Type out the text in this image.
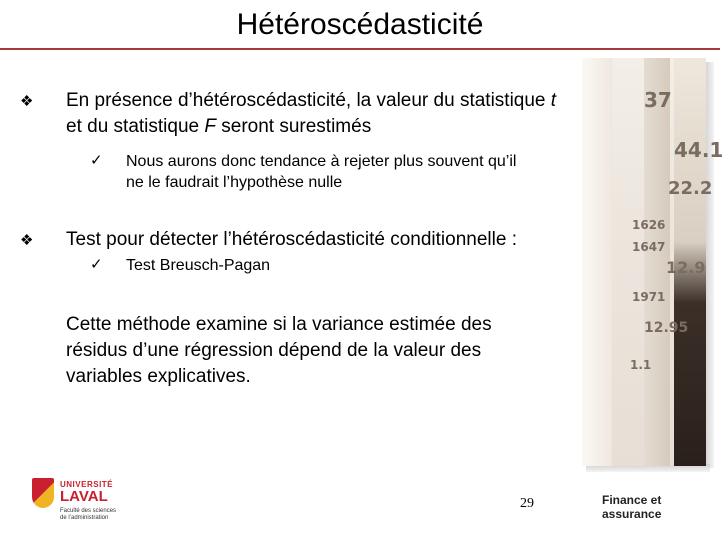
Hétéroscédasticité
37
44.1
22.2
1626
1647
12.9
1971
12.95
1.1
❖ En présence d’hétéroscédasticité, la valeur du statistique t
et du statistique F seront surestimés
✓ Nous aurons donc tendance à rejeter plus souvent qu’il
ne le faudrait l’hypothèse nulle
❖ Test pour détecter l’hétéroscédasticité conditionnelle :
✓ Test Breusch-Pagan
Cette méthode examine si la variance estimée des
résidus d’une régression dépend de la valeur des
variables explicatives.
UNIVERSITÉ
LAVAL
Faculté des sciences de l’administration
29	Finance et assurance
